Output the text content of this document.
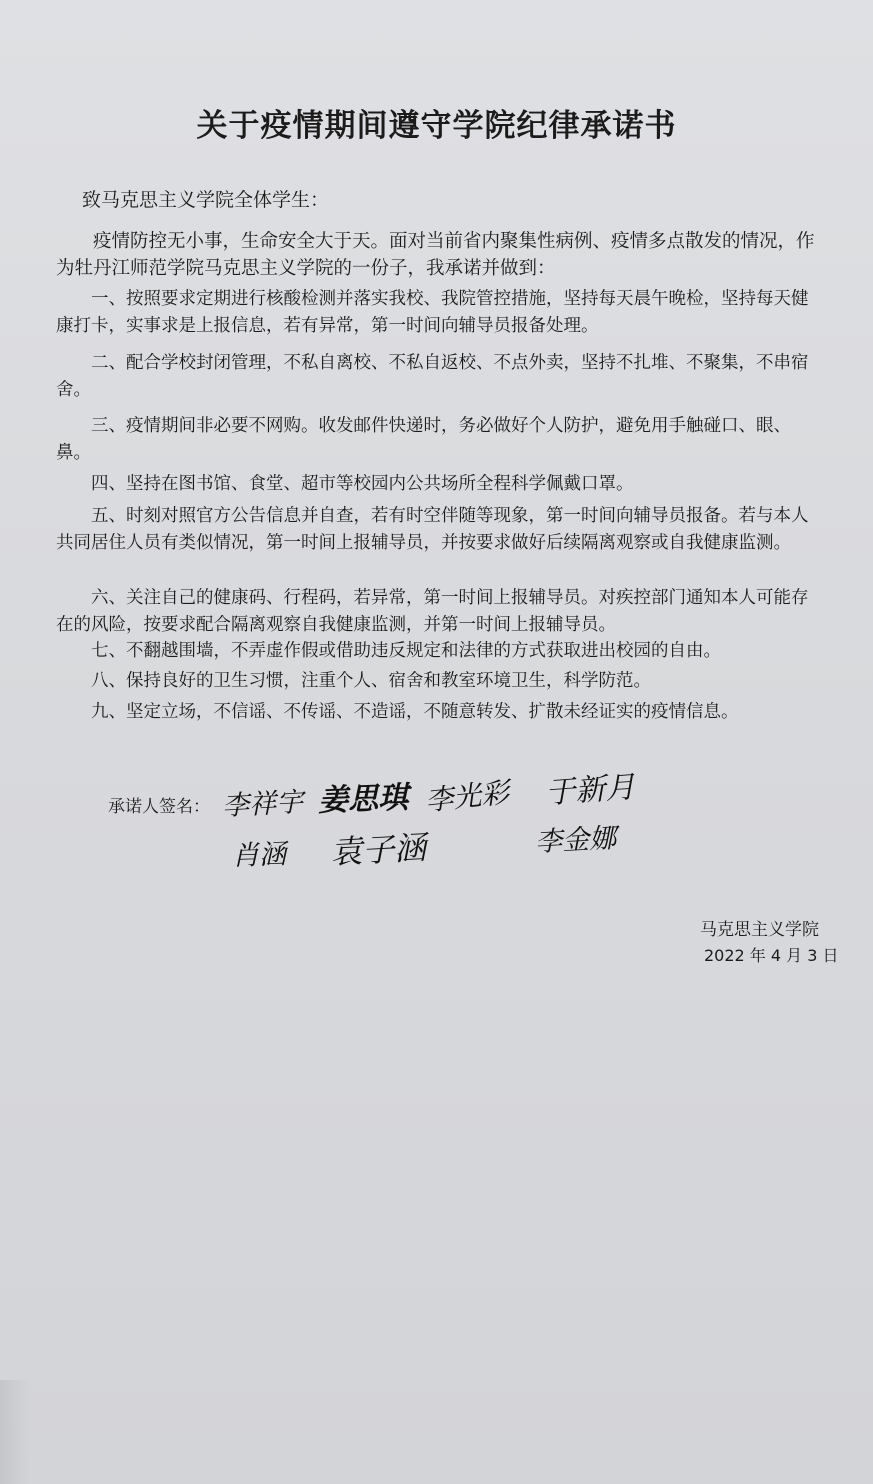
关于疫情期间遵守学院纪律承诺书

致马克思主义学院全体学生：

疫情防控无小事，生命安全大于天。面对当前省内聚集性病例、疫情多点散发的情况，作为牡丹江师范学院马克思主义学院的一份子，我承诺并做到：

一、按照要求定期进行核酸检测并落实我校、我院管控措施，坚持每天晨午晚检，坚持每天健康打卡，实事求是上报信息，若有异常，第一时间向辅导员报备处理。

二、配合学校封闭管理，不私自离校、不私自返校、不点外卖，坚持不扎堆、不聚集，不串宿舍。

三、疫情期间非必要不网购。收发邮件快递时，务必做好个人防护，避免用手触碰口、眼、鼻。

四、坚持在图书馆、食堂、超市等校园内公共场所全程科学佩戴口罩。

五、时刻对照官方公告信息并自查，若有时空伴随等现象，第一时间向辅导员报备。若与本人共同居住人员有类似情况，第一时间上报辅导员，并按要求做好后续隔离观察或自我健康监测。

六、关注自己的健康码、行程码，若异常，第一时间上报辅导员。对疾控部门通知本人可能存在的风险，按要求配合隔离观察自我健康监测，并第一时间上报辅导员。

七、不翻越围墙，不弄虚作假或借助违反规定和法律的方式获取进出校园的自由。

八、保持良好的卫生习惯，注重个人、宿舍和教室环境卫生，科学防范。

九、坚定立场，不信谣、不传谣、不造谣，不随意转发、扩散未经证实的疫情信息。

承诺人签名： 李祥宇 姜思琪 李光彩 于新月

肖涵 袁子涵	李金娜

马克思主义学院

2022 年 4 月 3 日
